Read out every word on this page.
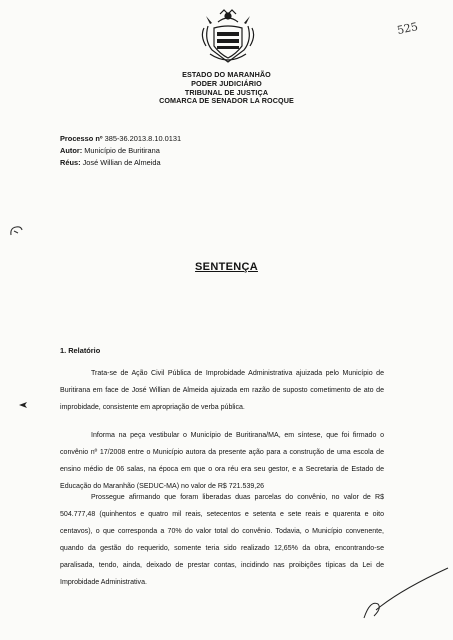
525
ESTADO DO MARANHÃO
PODER JUDICIÁRIO
TRIBUNAL DE JUSTIÇA
COMARCA DE SENADOR LA ROCQUE
Processo nº 385-36.2013.8.10.0131
Autor: Município de Buritirana
Réus: José Willian de Almeida
SENTENÇA
1. Relatório

Trata-se de Ação Civil Pública de Improbidade Administrativa ajuizada pelo Município de Buritirana em face de José Willian de Almeida ajuizada em razão de suposto cometimento de ato de improbidade, consistente em apropriação de verba pública.

Informa na peça vestibular o Município de Buritirana/MA, em síntese, que foi firmado o convênio nº 17/2008 entre o Município autora da presente ação para a construção de uma escola de ensino médio de 06 salas, na época em que o ora réu era seu gestor, e a Secretaria de Estado de Educação do Maranhão (SEDUC-MA) no valor de R$ 721.539,26

Prossegue afirmando que foram liberadas duas parcelas do convênio, no valor de R$ 504.777,48 (quinhentos e quatro mil reais, setecentos e setenta e sete reais e quarenta e oito centavos), o que corresponda a 70% do valor total do convênio. Todavia, o Município convenente, quando da gestão do requerido, somente teria sido realizado 12,65% da obra, encontrando-se paralisada, tendo, ainda, deixado de prestar contas, incidindo nas proibições típicas da Lei de Improbidade Administrativa.
